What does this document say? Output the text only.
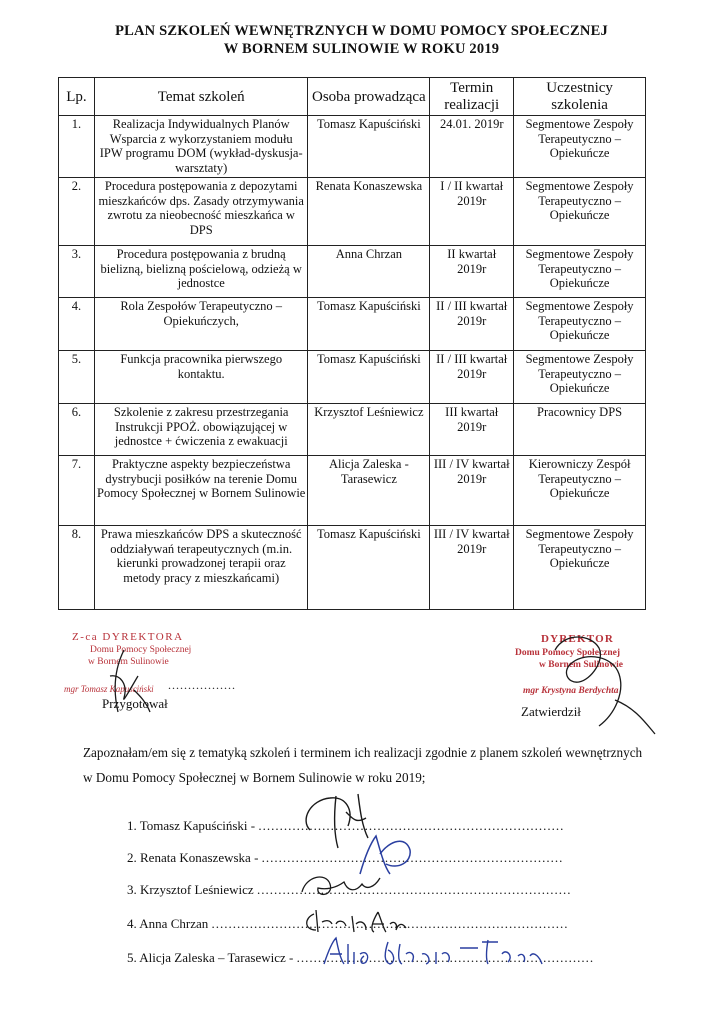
PLAN SZKOLEŃ WEWNĘTRZNYCH W DOMU POMOCY SPOŁECZNEJ
W BORNEM SULINOWIE W ROKU 2019
Lp.	Temat szkoleń	Osoba prowadząca	Termin realizacji	Uczestnicy szkolenia
1.	Realizacja Indywidualnych Planów Wsparcia z wykorzystaniem modułu IPW programu DOM (wykład-dyskusja-warsztaty)	Tomasz Kapuściński	24.01. 2019r	Segmentowe Zespoły Terapeutyczno – Opiekuńcze
2.	Procedura postępowania z depozytami mieszkańców dps. Zasady otrzymywania zwrotu za nieobecność mieszkańca w DPS	Renata Konaszewska	I / II kwartał 2019r	Segmentowe Zespoły Terapeutyczno – Opiekuńcze
3.	Procedura postępowania z brudną bielizną, bielizną pościelową, odzieżą w jednostce	Anna Chrzan	II kwartał 2019r	Segmentowe Zespoły Terapeutyczno – Opiekuńcze
4.	Rola Zespołów Terapeutyczno – Opiekuńczych,	Tomasz Kapuściński	II / III kwartał 2019r	Segmentowe Zespoły Terapeutyczno – Opiekuńcze
5.	Funkcja pracownika pierwszego kontaktu.	Tomasz Kapuściński	II / III kwartał 2019r	Segmentowe Zespoły Terapeutyczno – Opiekuńcze
6.	Szkolenie z zakresu przestrzegania Instrukcji PPOŻ. obowiązującej w jednostce + ćwiczenia z ewakuacji	Krzysztof Leśniewicz	III kwartał 2019r	Pracownicy DPS
7.	Praktyczne aspekty bezpieczeństwa dystrybucji posiłków na terenie Domu Pomocy Społecznej w Bornem Sulinowie	Alicja Zaleska - Tarasewicz	III / IV kwartał 2019r	Kierowniczy Zespół Terapeutyczno – Opiekuńcze
8.	Prawa mieszkańców DPS a skuteczność oddziaływań terapeutycznych (m.in. kierunki prowadzonej terapii oraz metody pracy z mieszkańcami)	Tomasz Kapuściński	III / IV kwartał 2019r	Segmentowe Zespoły Terapeutyczno – Opiekuńcze
Z-ca DYREKTORA
Domu Pomocy Społecznej
w Bornem Sulinowie
mgr Tomasz Kapuściński .................
Przygotował
DYREKTOR
Domu Pomocy Społecznej
w Bornem Sulinowie
mgr Krystyna Berdychta
Zatwierdził
Zapoznałam/em się z tematyką szkoleń i terminem ich realizacji zgodnie z planem szkoleń wewnętrznych w Domu Pomocy Społecznej w Bornem Sulinowie w roku 2019;
1. Tomasz Kapuściński - ........................................................................
2. Renata Konaszewska - .......................................................................
3. Krzysztof Leśniewicz ..........................................................................
4. Anna Chrzan ....................................................................................
5. Alicja Zaleska – Tarasewicz - ......................................................................
